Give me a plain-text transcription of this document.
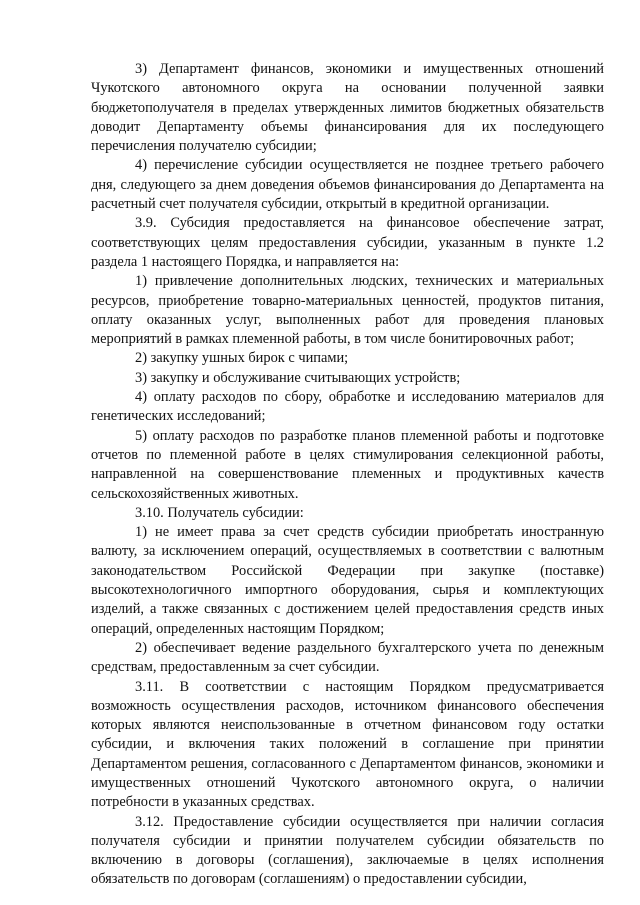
3) Департамент финансов, экономики и имущественных отношений Чукотского автономного округа на основании полученной заявки бюджетополучателя в пределах утвержденных лимитов бюджетных обязательств доводит Департаменту объемы финансирования для их последующего перечисления получателю субсидии;

4) перечисление субсидии осуществляется не позднее третьего рабочего дня, следующего за днем доведения объемов финансирования до Департамента на расчетный счет получателя субсидии, открытый в кредитной организации.

3.9. Субсидия предоставляется на финансовое обеспечение затрат, соответствующих целям предоставления субсидии, указанным в пункте 1.2 раздела 1 настоящего Порядка, и направляется на:

1) привлечение дополнительных людских, технических и материальных ресурсов, приобретение товарно-материальных ценностей, продуктов питания, оплату оказанных услуг, выполненных работ для проведения плановых мероприятий в рамках племенной работы, в том числе бонитировочных работ;

2) закупку ушных бирок с чипами;

3) закупку и обслуживание считывающих устройств;

4) оплату расходов по сбору, обработке и исследованию материалов для генетических исследований;

5) оплату расходов по разработке планов племенной работы и подготовке отчетов по племенной работе в целях стимулирования селекционной работы, направленной на совершенствование племенных и продуктивных качеств сельскохозяйственных животных.

3.10. Получатель субсидии:

1) не имеет права за счет средств субсидии приобретать иностранную валюту, за исключением операций, осуществляемых в соответствии с валютным законодательством Российской Федерации при закупке (поставке) высокотехнологичного импортного оборудования, сырья и комплектующих изделий, а также связанных с достижением целей предоставления средств иных операций, определенных настоящим Порядком;

2) обеспечивает ведение раздельного бухгалтерского учета по денежным средствам, предоставленным за счет субсидии.

3.11. В соответствии с настоящим Порядком предусматривается возможность осуществления расходов, источником финансового обеспечения которых являются неиспользованные в отчетном финансовом году остатки субсидии, и включения таких положений в соглашение при принятии Департаментом решения, согласованного с Департаментом финансов, экономики и имущественных отношений Чукотского автономного округа, о наличии потребности в указанных средствах.

3.12. Предоставление субсидии осуществляется при наличии согласия получателя субсидии и принятии получателем субсидии обязательств по включению в договоры (соглашения), заключаемые в целях исполнения обязательств по договорам (соглашениям) о предоставлении субсидии,
